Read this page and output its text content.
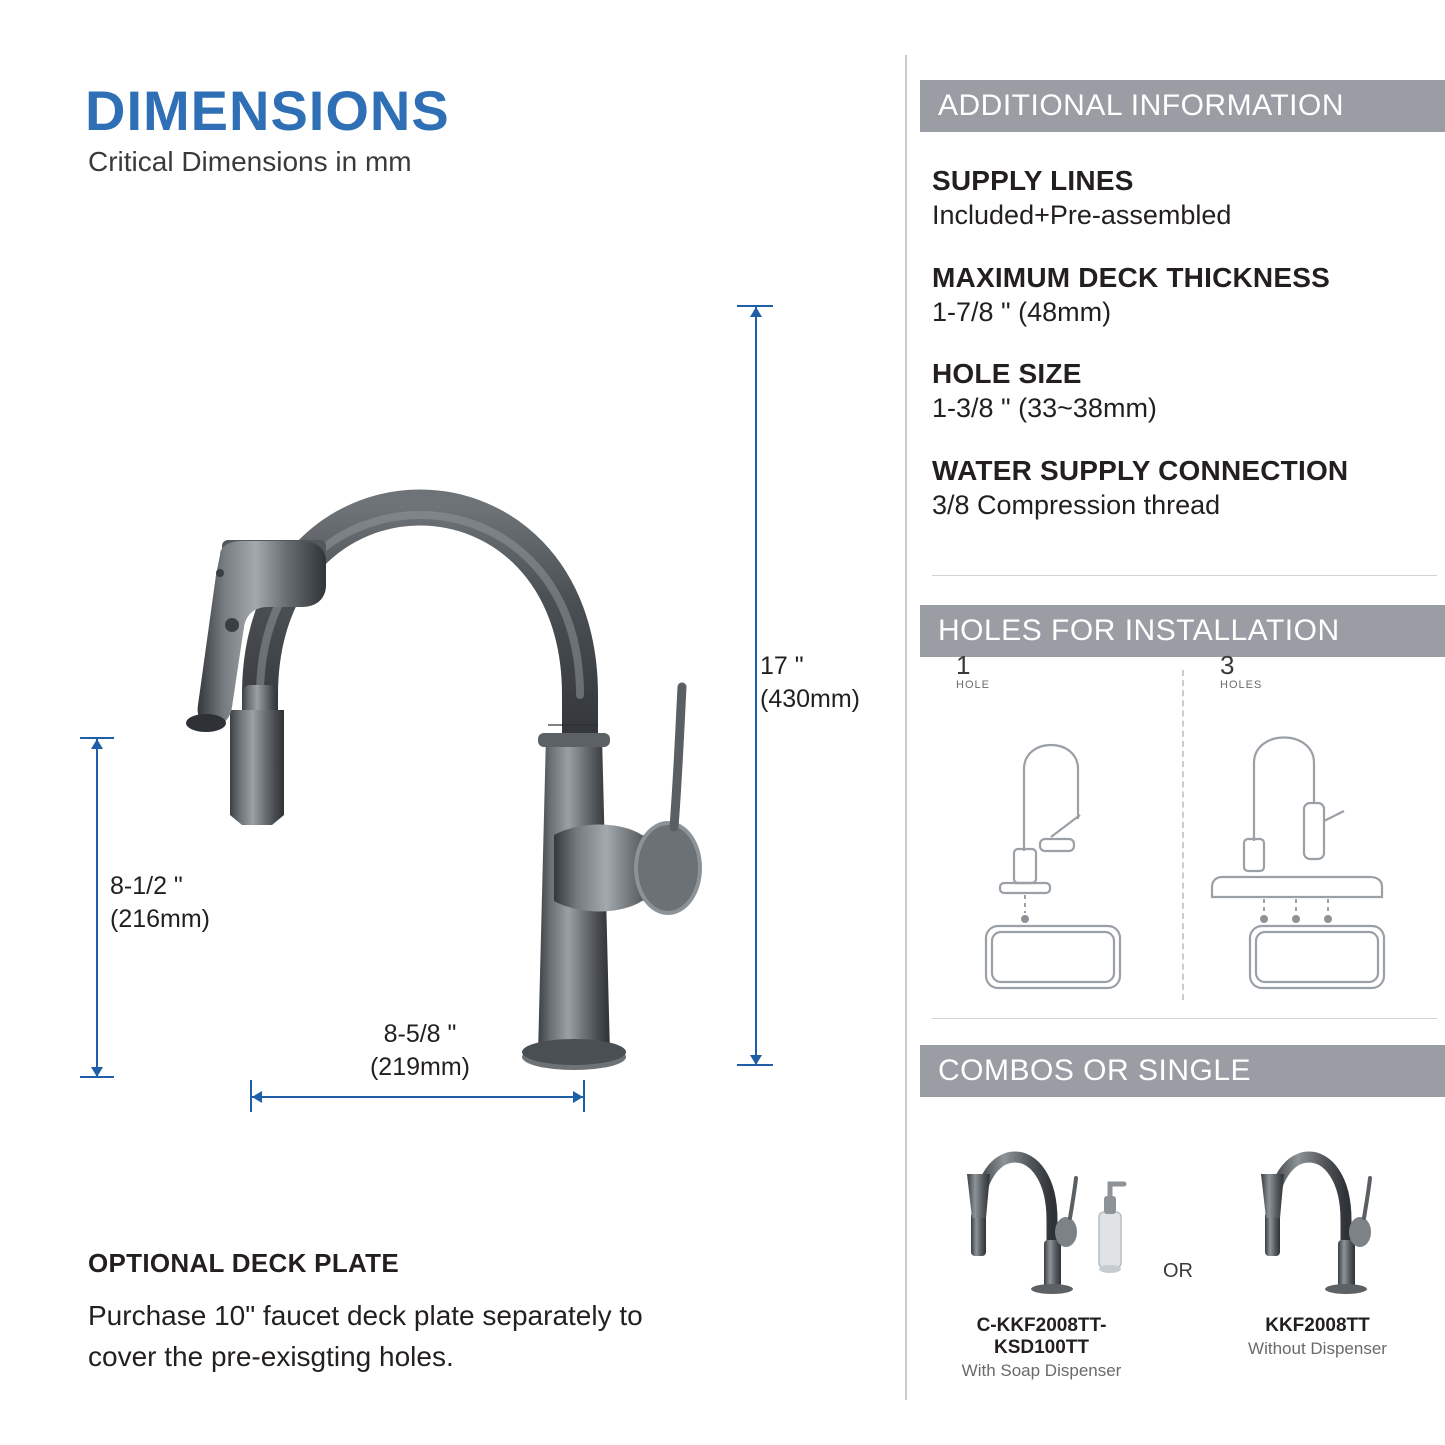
DIMENSIONS
Critical Dimensions in mm
17 "
(430mm)
8-1/2 "
(216mm)
8-5/8 "
(219mm)
OPTIONAL DECK PLATE
Purchase 10" faucet deck plate separately to cover the pre-exisgting holes.
ADDITIONAL INFORMATION
SUPPLY LINES

Included+Pre-assembled

MAXIMUM DECK THICKNESS

1-7/8 " (48mm)

HOLE SIZE

1-3/8 " (33~38mm)

WATER SUPPLY CONNECTION

3/8 Compression thread

HOLES FOR INSTALLATION
1
HOLE
3
HOLES
COMBOS OR SINGLE
C-KKF2008TT-KSD100TT
With Soap Dispenser
OR
KKF2008TT
Without Dispenser
